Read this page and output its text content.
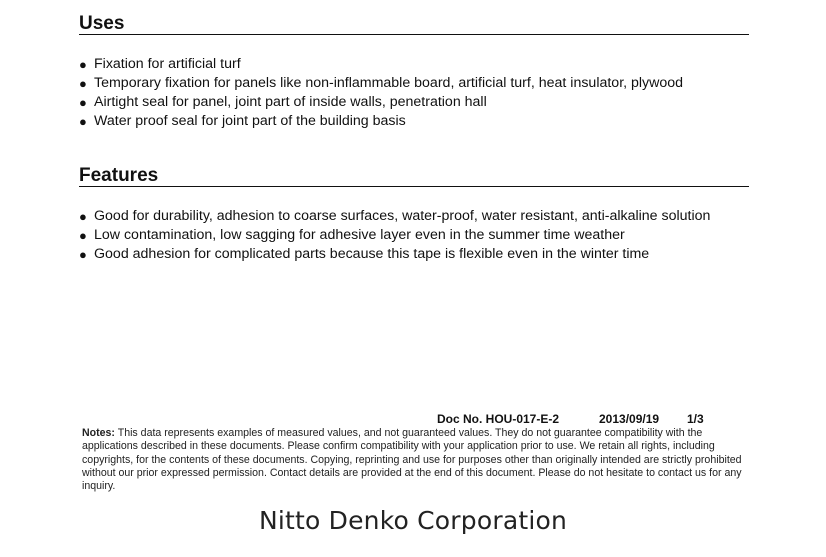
Uses
● Fixation for artificial turf
● Temporary fixation for panels like non-inflammable board, artificial turf, heat insulator, plywood
● Airtight seal for panel, joint part of inside walls, penetration hall
● Water proof seal for joint part of the building basis
Features
● Good for durability, adhesion to coarse surfaces, water-proof, water resistant, anti-alkaline solution
● Low contamination, low sagging for adhesive layer even in the summer time weather
● Good adhesion for complicated parts because this tape is flexible even in the winter time
Doc No. HOU-017-E-2	2013/09/19 1/3
Notes: This data represents examples of measured values, and not guaranteed values. They do not guarantee compatibility with the applications described in these documents. Please confirm compatibility with your application prior to use. We retain all rights, including copyrights, for the contents of these documents. Copying, reprinting and use for purposes other than originally intended are strictly prohibited without our prior expressed permission. Contact details are provided at the end of this document. Please do not hesitate to contact us for any inquiry.
Nitto Denko Corporation
